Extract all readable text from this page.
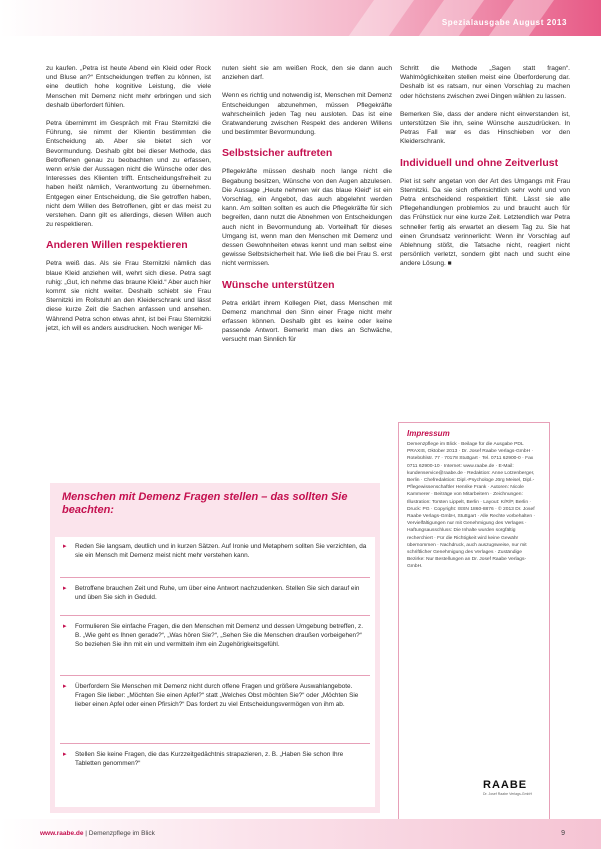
Spezialausgabe August 2013

zu kaufen. „Petra ist heute Abend ein Kleid oder Rock und Bluse an?“ Entscheidungen treffen zu können, ist eine deutlich hohe kognitive Leistung, die viele Menschen mit Demenz nicht mehr erbringen und sich deshalb überfordert fühlen.

Petra übernimmt im Gespräch mit Frau Sternitzki die Führung, sie nimmt der Klientin bestimmten die Entscheidung ab. Aber sie bietet sich vor Bevormundung. Deshalb gibt bei dieser Methode, das Betroffenen genau zu beobachten und zu erfassen, wenn er/sie der Aussagen nicht die Wünsche oder des Interesses des Klienten trifft. Entscheidungsfreiheit zu haben heißt nämlich, Verantwortung zu übernehmen. Entgegen einer Entscheidung, die Sie getroffen haben, nicht dem Willen des Betroffenen, gibt er das meist zu verstehen. Dann gilt es allerdings, diesen Willen auch zu respektieren.

Anderen Willen respektieren

Petra weiß das. Als sie Frau Sternitzki nämlich das blaue Kleid anziehen will, wehrt sich diese. Petra sagt ruhig: „Gut, ich nehme das braune Kleid.“ Aber auch hier kommt sie nicht weiter. Deshalb schiebt sie Frau Sternitzki im Rollstuhl an den Kleiderschrank und lässt diese kurze Zeit die Sachen anfassen und ansehen. Während Petra schon etwas ahnt, ist bei Frau Sternitzki jetzt, ich will es anders ausdrucken. Noch weniger Mi-

nuten sieht sie am weißen Rock, den sie dann auch anziehen darf.

Wenn es richtig und notwendig ist, Menschen mit Demenz Entscheidungen abzunehmen, müssen Pflegekräfte wahrscheinlich jeden Tag neu ausloten. Das ist eine Gratwanderung zwischen Respekt des anderen Willens und bestimmter Bevormundung.

Selbstsicher auftreten

Pflegekräfte müssen deshalb noch lange nicht die Begabung besitzen, Wünsche von den Augen abzulesen. Die Aussage „Heute nehmen wir das blaue Kleid“ ist ein Vorschlag, ein Angebot, das auch abgelehnt werden kann. Am sollten sollten es auch die Pflegekräfte für sich begreifen, dann nutzt die Abnehmen von Entscheidungen auch nicht in Bevormundung ab. Vorteilhaft für dieses Umgang ist, wenn man den Menschen mit Demenz und dessen Gewohnheiten etwas kennt und man selbst eine gewisse Selbstsicherheit hat. Wie ließ die bei Frau S. erst nicht vermissen.

Wünsche unterstützen

Petra erklärt ihrem Kollegen Piet, dass Menschen mit Demenz manchmal den Sinn einer Frage nicht mehr erfassen können. Deshalb gibt es keine oder keine passende Antwort. Bemerkt man dies an Schwäche, versucht man Sinnlich für

Schritt die Methode „Sagen statt fragen“. Wahlmöglichkeiten stellen meist eine Überforderung dar. Deshalb ist es ratsam, nur einen Vorschlag zu machen oder höchstens zwischen zwei Dingen wählen zu lassen.

Bemerken Sie, dass der andere nicht einverstanden ist, unterstützen Sie ihn, seine Wünsche auszudrücken. In Petras Fall war es das Hinschieben vor den Kleiderschrank.

Individuell und ohne Zeitverlust

Piet ist sehr angetan von der Art des Umgangs mit Frau Sternitzki. Da sie sich offensichtlich sehr wohl und von Petra entscheidend respektiert fühlt. Lässt sie alle Pflegehandlungen problemlos zu und braucht auch für das Frühstück nur eine kurze Zeit. Letztendlich war Petra schneller fertig als erwartet an diesem Tag zu. Sie hat einen Grundsatz verinnerlicht: Wenn ihr Vorschlag auf Ablehnung stößt, die Tatsache nicht, reagiert nicht persönlich verletzt, sondern gibt nach und sucht eine andere Lösung. ■

Impressum
Demenzpflege im Blick · Beilage für die Ausgabe PDL PRAXIS, Oktober 2013 · Dr. Josef Raabe Verlags-GmbH · Rotebühlstr. 77 · 70178 Stuttgart · Tel. 0711 62900-0 · Fax 0711 62900-10 · Internet: www.raabe.de · E-Mail: kundenservice@raabe.de · Redaktion: Anne Lotzenberger, Berlin · Chefredaktion: Dipl.-Psychologe Jörg Meisel, Dipl.-Pflegewissenschaftler Henrike Frank · Autoren: Nicole Kammerer · Beiträge von Mitarbeitern · Zeichnungen: Illustration: Torsten Lippelt, Berlin · Layout: K/R/P, Berlin · Druck: PG · Copyright: ISSN 1860-8876 · © 2013 Dr. Josef Raabe Verlags-GmbH, Stuttgart · Alle Rechte vorbehalten · Vervielfältigungen nur mit Genehmigung des Verlages · Haftungsausschluss: Die Inhalte wurden sorgfältig recherchiert · Für die Richtigkeit wird keine Gewähr übernommen · Nachdruck, auch auszugsweise, nur mit schriftlicher Genehmigung des Verlages · Zuständige Bezirke: Nur Bestellungen an Dr. Josef Raabe Verlags-GmbH.
RAABE
Dr. Josef Raabe Verlags-GmbH
Menschen mit Demenz Fragen stellen – das sollten Sie beachten:
▸ Reden Sie langsam, deutlich und in kurzen Sätzen. Auf Ironie und Metaphern sollten Sie verzichten, da sie ein Mensch mit Demenz meist nicht mehr verstehen kann.
▸ Betroffene brauchen Zeit und Ruhe, um über eine Antwort nachzudenken. Stellen Sie sich darauf ein und üben Sie sich in Geduld.
▸ Formulieren Sie einfache Fragen, die den Menschen mit Demenz und dessen Umgebung betreffen, z. B. „Wie geht es Ihnen gerade?“, „Was hören Sie?“, „Sehen Sie die Menschen draußen vorbeigehen?“ So beziehen Sie ihn mit ein und vermitteln ihm ein Zugehörigkeitsgefühl.
▸ Überfordern Sie Menschen mit Demenz nicht durch offene Fragen und größere Auswahlangebote. Fragen Sie lieber: „Möchten Sie einen Apfel?“ statt „Welches Obst möchten Sie?“ oder „Möchten Sie lieber einen Apfel oder einen Pfirsich?“ Das fordert zu viel Entscheidungsvermögen von ihm ab.
▸ Stellen Sie keine Fragen, die das Kurzzeitgedächtnis strapazieren, z. B. „Haben Sie schon Ihre Tabletten genommen?“
www.raabe.de | Demenzpflege im Blick	9
